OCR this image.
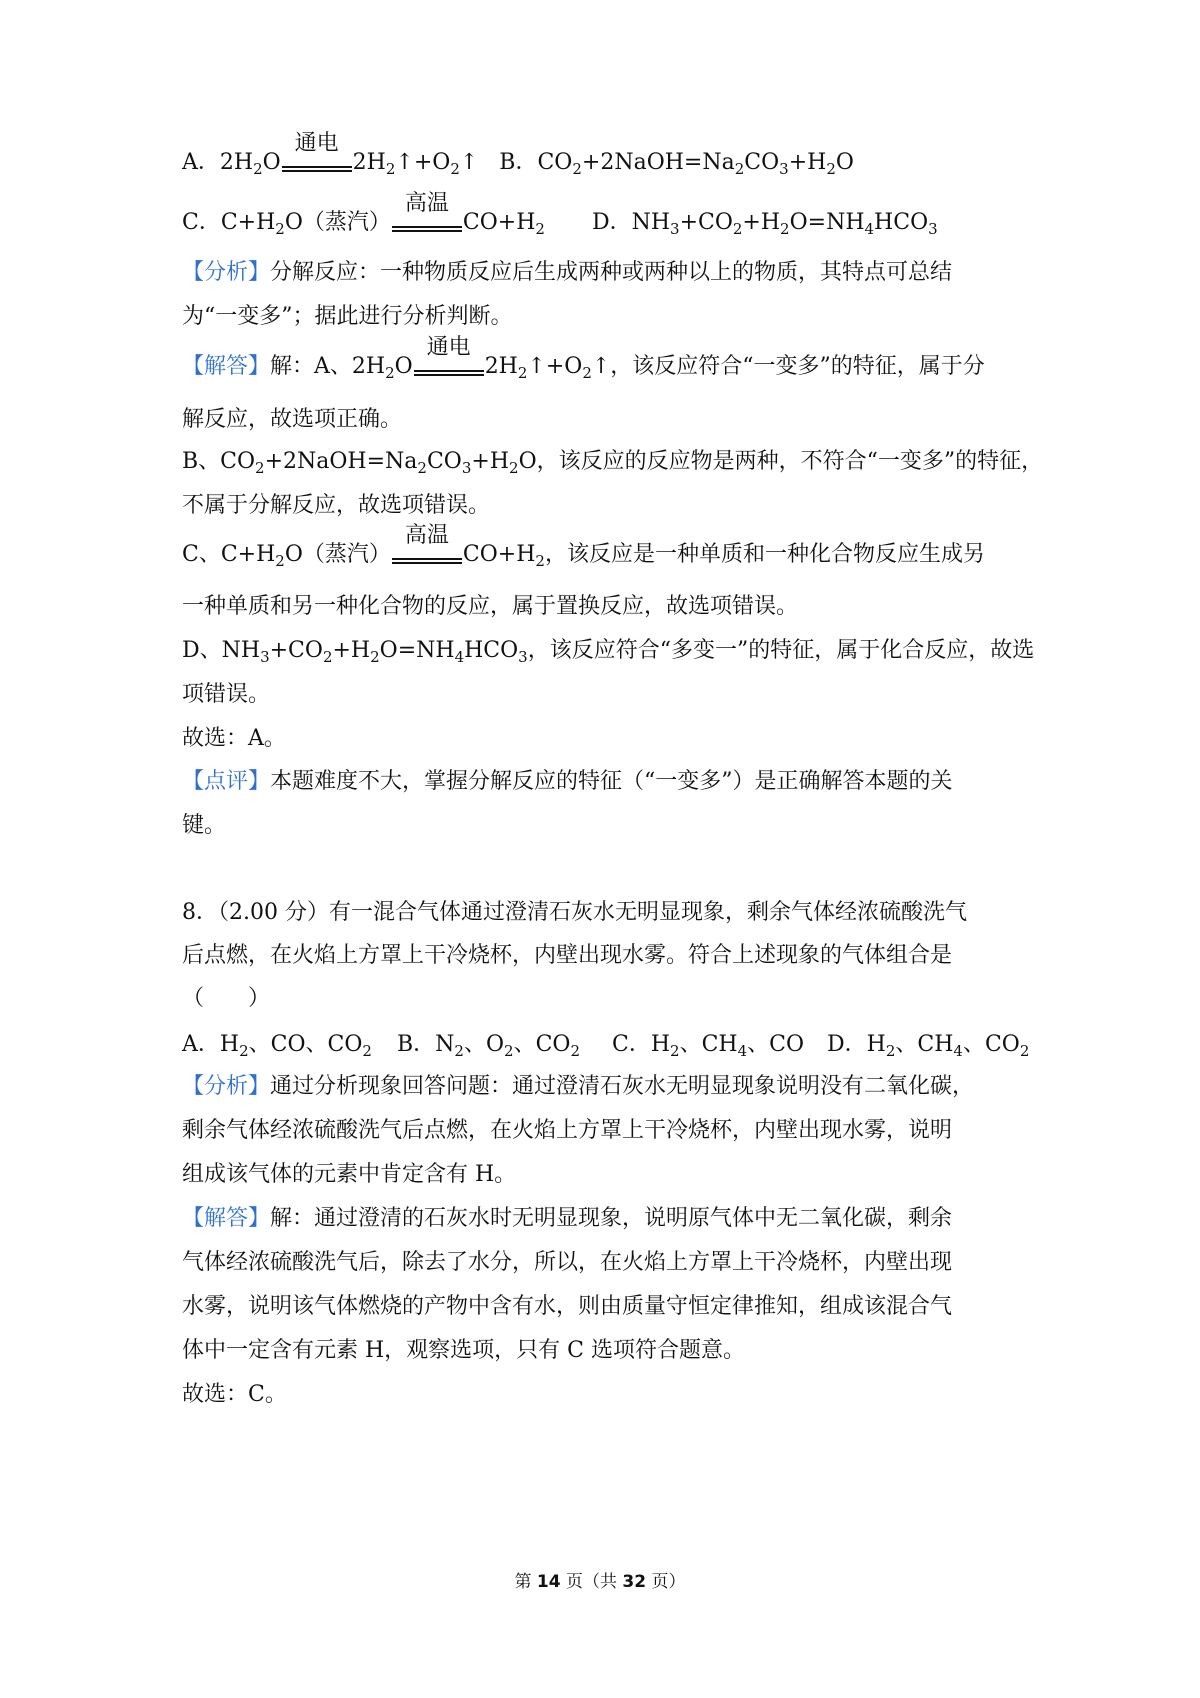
A．$2H_2O$
通电
$2H_2↑+O_2↑$ B．$CO_2+2NaOH=Na_2CO_3+H_2O$
C．$C+H_2O$（蒸汽）
高温
$CO+H_2$ D．$NH_3+CO_2+H_2O=NH_4HCO_3$
【分析】分解反应：一种物质反应后生成两种或两种以上的物质，其特点可总结
为“一变多”；据此进行分析判断。
【解答】解：A、$2H_2O$
通电
$2H_2↑+O_2↑$，该反应符合“一变多”的特征，属于分
解反应，故选项正确。
B、$CO_2+2NaOH=Na_2CO_3+H_2O$，该反应的反应物是两种，不符合“一变多”的特征，
不属于分解反应，故选项错误。
C、$C+H_2O$（蒸汽）
高温
$CO+H_2$，该反应是一种单质和一种化合物反应生成另
一种单质和另一种化合物的反应，属于置换反应，故选项错误。
D、$NH_3+CO_2+H_2O=NH_4HCO_3$，该反应符合“多变一”的特征，属于化合反应，故选
项错误。
故选：A。
【点评】本题难度不大，掌握分解反应的特征（“一变多”）是正确解答本题的关
键。
8．（2.00 分）有一混合气体通过澄清石灰水无明显现象，剩余气体经浓硫酸洗气
后点燃，在火焰上方罩上干冷烧杯，内壁出现水雾。符合上述现象的气体组合是
（　　）
A．$H_2$、CO、$CO_2$ B．$N_2$、$O_2$、$CO_2$ C．$H_2$、$CH_4$、CO D．$H_2$、$CH_4$、$CO_2$
【分析】通过分析现象回答问题：通过澄清石灰水无明显现象说明没有二氧化碳，
剩余气体经浓硫酸洗气后点燃，在火焰上方罩上干冷烧杯，内壁出现水雾，说明
组成该气体的元素中肯定含有 H。
【解答】解：通过澄清的石灰水时无明显现象，说明原气体中无二氧化碳，剩余
气体经浓硫酸洗气后，除去了水分，所以，在火焰上方罩上干冷烧杯，内壁出现
水雾，说明该气体燃烧的产物中含有水，则由质量守恒定律推知，组成该混合气
体中一定含有元素 H，观察选项，只有 C 选项符合题意。
故选：C。
第 14 页（共 32 页）
